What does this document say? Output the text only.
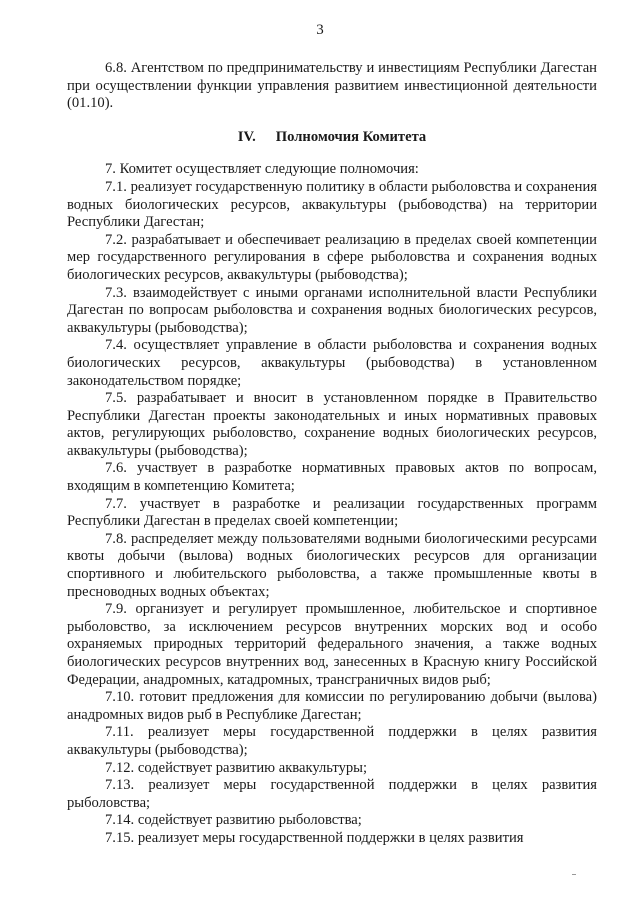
3

6.8. Агентством по предпринимательству и инвестициям Республики Дагестан при осуществлении функции управления развитием инвестиционной деятельности (01.10).

IV. Полномочия Комитета

7. Комитет осуществляет следующие полномочия:

7.1. реализует государственную политику в области рыболовства и сохранения водных биологических ресурсов, аквакультуры (рыбоводства) на территории Республики Дагестан;

7.2. разрабатывает и обеспечивает реализацию в пределах своей компетенции мер государственного регулирования в сфере рыболовства и сохранения водных биологических ресурсов, аквакультуры (рыбоводства);

7.3. взаимодействует с иными органами исполнительной власти Республики Дагестан по вопросам рыболовства и сохранения водных биологических ресурсов, аквакультуры (рыбоводства);

7.4. осуществляет управление в области рыболовства и сохранения водных биологических ресурсов, аквакультуры (рыбоводства) в установленном законодательством порядке;

7.5. разрабатывает и вносит в установленном порядке в Правительство Республики Дагестан проекты законодательных и иных нормативных правовых актов, регулирующих рыболовство, сохранение водных биологических ресурсов, аквакультуры (рыбоводства);

7.6. участвует в разработке нормативных правовых актов по вопросам, входящим в компетенцию Комитета;

7.7. участвует в разработке и реализации государственных программ Республики Дагестан в пределах своей компетенции;

7.8. распределяет между пользователями водными биологическими ресурсами квоты добычи (вылова) водных биологических ресурсов для организации спортивного и любительского рыболовства, а также промышленные квоты в пресноводных водных объектах;

7.9. организует и регулирует промышленное, любительское и спортивное рыболовство, за исключением ресурсов внутренних морских вод и особо охраняемых природных территорий федерального значения, а также водных биологических ресурсов внутренних вод, занесенных в Красную книгу Российской Федерации, анадромных, катадромных, трансграничных видов рыб;

7.10. готовит предложения для комиссии по регулированию добычи (вылова) анадромных видов рыб в Республике Дагестан;

7.11. реализует меры государственной поддержки в целях развития аквакультуры (рыбоводства);

7.12. содействует развитию аквакультуры;

7.13. реализует меры государственной поддержки в целях развития рыболовства;

7.14. содействует развитию рыболовства;

7.15. реализует меры государственной поддержки в целях развития
